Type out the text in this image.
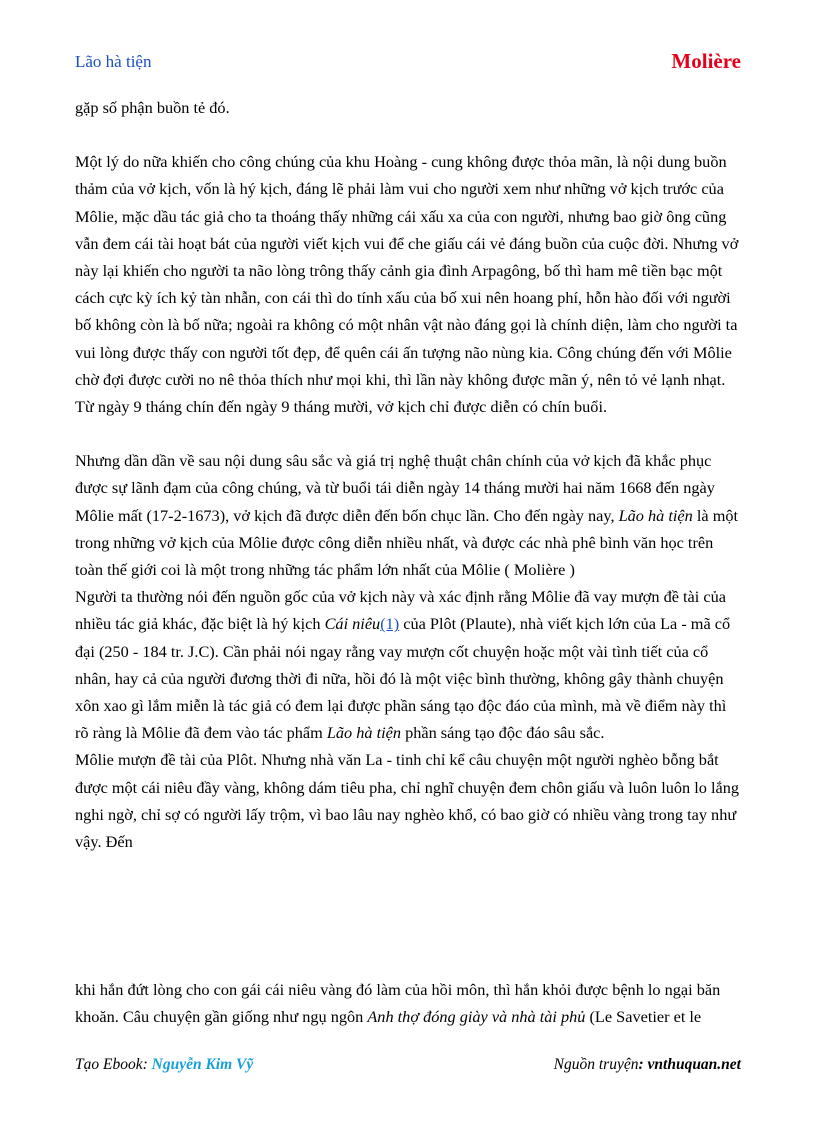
Lão hà tiện	Molière

gặp số phận buồn tẻ đó.

Một lý do nữa khiến cho công chúng của khu Hoàng - cung không được thỏa mãn, là nội dung buồn thảm của vở kịch, vốn là hý kịch, đáng lẽ phải làm vui cho người xem như những vở kịch trước của Môlie, mặc dầu tác giả cho ta thoáng thấy những cái xấu xa của con người, nhưng bao giờ ông cũng vẫn đem cái tài hoạt bát của người viết kịch vui để che giấu cái vẻ đáng buồn của cuộc đời. Nhưng vở này lại khiến cho người ta não lòng trông thấy cảnh gia đình Arpagông, bố thì ham mê tiền bạc một cách cực kỳ ích kỷ tàn nhẫn, con cái thì do tính xấu của bố xui nên hoang phí, hỗn hào đối với người bố không còn là bố nữa; ngoài ra không có một nhân vật nào đáng gọi là chính diện, làm cho người ta vui lòng được thấy con người tốt đẹp, để quên cái ấn tượng não nùng kia. Công chúng đến với Môlie chờ đợi được cười no nê thỏa thích như mọi khi, thì lần này không được mãn ý, nên tỏ vẻ lạnh nhạt. Từ ngày 9 tháng chín đến ngày 9 tháng mười, vở kịch chỉ được diễn có chín buổi.

Nhưng dần dần về sau nội dung sâu sắc và giá trị nghệ thuật chân chính của vở kịch đã khắc phục được sự lãnh đạm của công chúng, và từ buổi tái diễn ngày 14 tháng mười hai năm 1668 đến ngày Môlie mất (17-2-1673), vở kịch đã được diễn đến bốn chục lần. Cho đến ngày nay, Lão hà tiện là một trong những vở kịch của Môlie được công diễn nhiều nhất, và được các nhà phê bình văn học trên toàn thế giới coi là một trong những tác phẩm lớn nhất của Môlie ( Molière )

Người ta thường nói đến nguồn gốc của vở kịch này và xác định rằng Môlie đã vay mượn đề tài của nhiều tác giả khác, đặc biệt là hý kịch Cái niêu(1) của Plôt (Plaute), nhà viết kịch lớn của La - mã cổ đại (250 - 184 tr. J.C). Cần phải nói ngay rằng vay mượn cốt chuyện hoặc một vài tình tiết của cổ nhân, hay cả của người đương thời đi nữa, hồi đó là một việc bình thường, không gây thành chuyện xôn xao gì lắm miễn là tác giả có đem lại được phần sáng tạo độc đáo của mình, mà về điểm này thì rõ ràng là Môlie đã đem vào tác phẩm Lão hà tiện phần sáng tạo độc đáo sâu sắc.

Môlie mượn đề tài của Plôt. Nhưng nhà văn La - tinh chỉ kể câu chuyện một người nghèo bỗng bắt được một cái niêu đầy vàng, không dám tiêu pha, chỉ nghĩ chuyện đem chôn giấu và luôn luôn lo lắng nghi ngờ, chỉ sợ có người lấy trộm, vì bao lâu nay nghèo khổ, có bao giờ có nhiều vàng trong tay như vậy. Đến

khi hắn đứt lòng cho con gái cái niêu vàng đó làm của hồi môn, thì hắn khỏi được bệnh lo ngại băn khoăn. Câu chuyện gần giống như ngụ ngôn Anh thợ đóng giày và nhà tài phủ (Le Savetier et le

Tạo Ebook: Nguyễn Kim Vỹ	Nguồn truyện: vnthuquan.net
